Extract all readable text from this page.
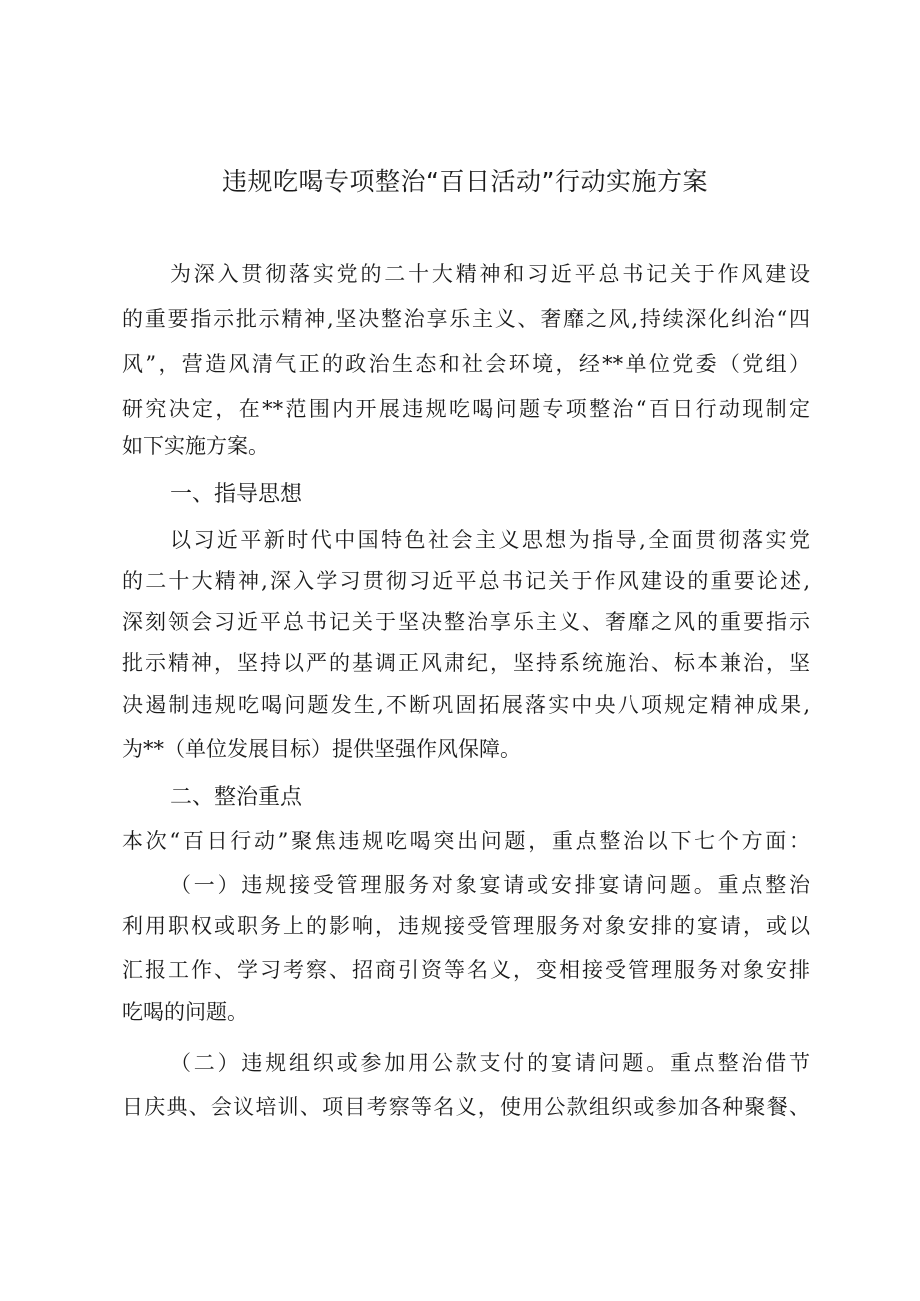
违规吃喝专项整治“百日活动”行动实施方案
为深入贯彻落实党的二十大精神和习近平总书记关于作风建设
的重要指示批示精神,坚决整治享乐主义、奢靡之风,持续深化纠治“四
风”，营造风清气正的政治生态和社会环境，经**单位党委（党组）
研究决定，在**范围内开展违规吃喝问题专项整治“百日行动现制定
如下实施方案。
一、指导思想
以习近平新时代中国特色社会主义思想为指导,全面贯彻落实党
的二十大精神,深入学习贯彻习近平总书记关于作风建设的重要论述,
深刻领会习近平总书记关于坚决整治享乐主义、奢靡之风的重要指示
批示精神，坚持以严的基调正风肃纪，坚持系统施治、标本兼治，坚
决遏制违规吃喝问题发生,不断巩固拓展落实中央八项规定精神成果,
为**（单位发展目标）提供坚强作风保障。
二、整治重点
本次“百日行动”聚焦违规吃喝突出问题，重点整治以下七个方面：
（一）违规接受管理服务对象宴请或安排宴请问题。重点整治
利用职权或职务上的影响，违规接受管理服务对象安排的宴请，或以
汇报工作、学习考察、招商引资等名义，变相接受管理服务对象安排
吃喝的问题。
（二）违规组织或参加用公款支付的宴请问题。重点整治借节
日庆典、会议培训、项目考察等名义，使用公款组织或参加各种聚餐、
